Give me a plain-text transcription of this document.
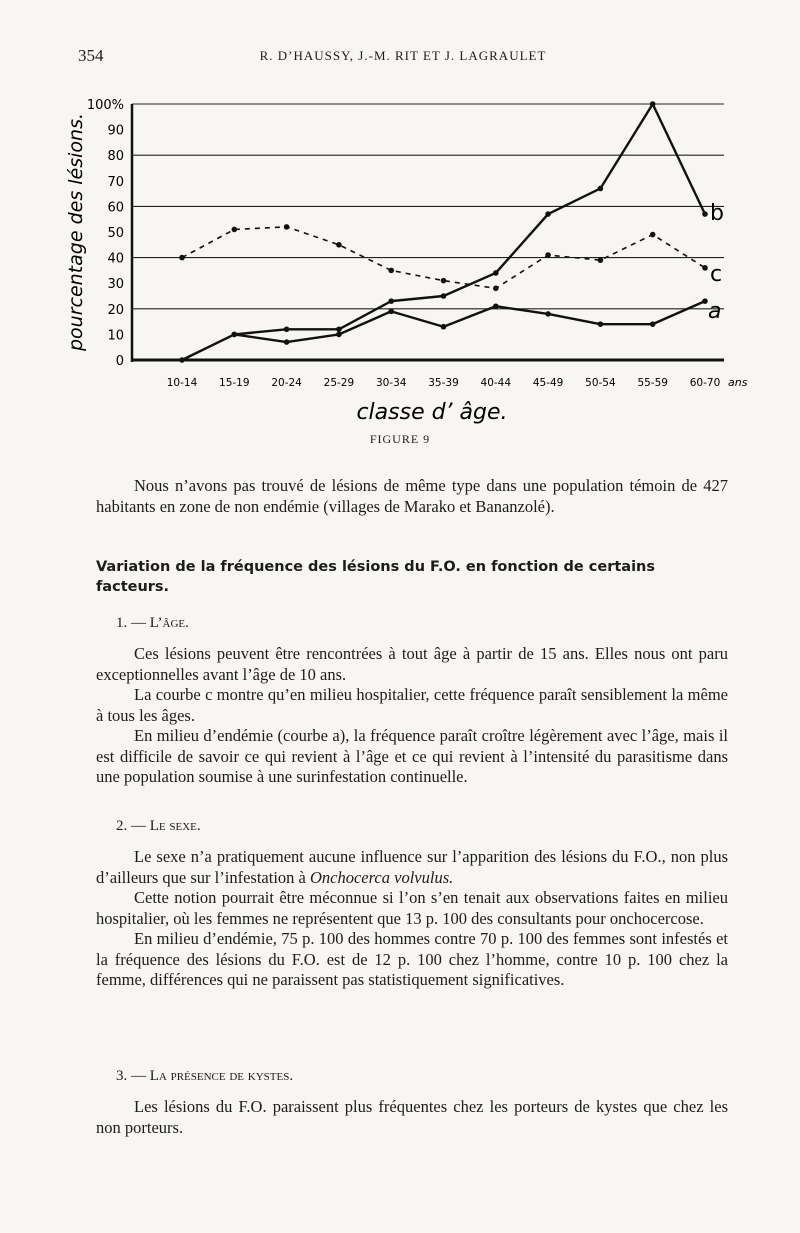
354	R. D’HAUSSY, J.-M. RIT ET J. LAGRAULET
0
10
20
30
40
50
60
70
80
90
100%
10-14 15-19 20-24 25-29 30-34 35-39 40-44 45-49 50-54 55-59 60-70
pourcentage des lésions.
ans
classe d’ âge.
b
c
a
FIGURE 9

Nous n’avons pas trouvé de lésions de même type dans une population témoin de 427 habitants en zone de non endémie (villages de Marako et Bananzolé).

Variation de la fréquence des lésions du F.O. en fonction de certains
facteurs.
1. — L’âge.

Ces lésions peuvent être rencontrées à tout âge à partir de 15 ans. Elles nous ont paru exceptionnelles avant l’âge de 10 ans.

La courbe c montre qu’en milieu hospitalier, cette fréquence paraît sensiblement la même à tous les âges.

En milieu d’endémie (courbe a), la fréquence paraît croître légèrement avec l’âge, mais il est difficile de savoir ce qui revient à l’âge et ce qui revient à l’intensité du parasitisme dans une population soumise à une surinfestation continuelle.

2. — Le sexe.

Le sexe n’a pratiquement aucune influence sur l’apparition des lésions du F.O., non plus d’ailleurs que sur l’infestation à Onchocerca volvulus.

Cette notion pourrait être méconnue si l’on s’en tenait aux observations faites en milieu hospitalier, où les femmes ne représentent que 13 p. 100 des consultants pour onchocercose.

En milieu d’endémie, 75 p. 100 des hommes contre 70 p. 100 des femmes sont infestés et la fréquence des lésions du F.O. est de 12 p. 100 chez l’homme, contre 10 p. 100 chez la femme, différences qui ne paraissent pas statistiquement significatives.

3. — La présence de kystes.

Les lésions du F.O. paraissent plus fréquentes chez les porteurs de kystes que chez les non porteurs.
